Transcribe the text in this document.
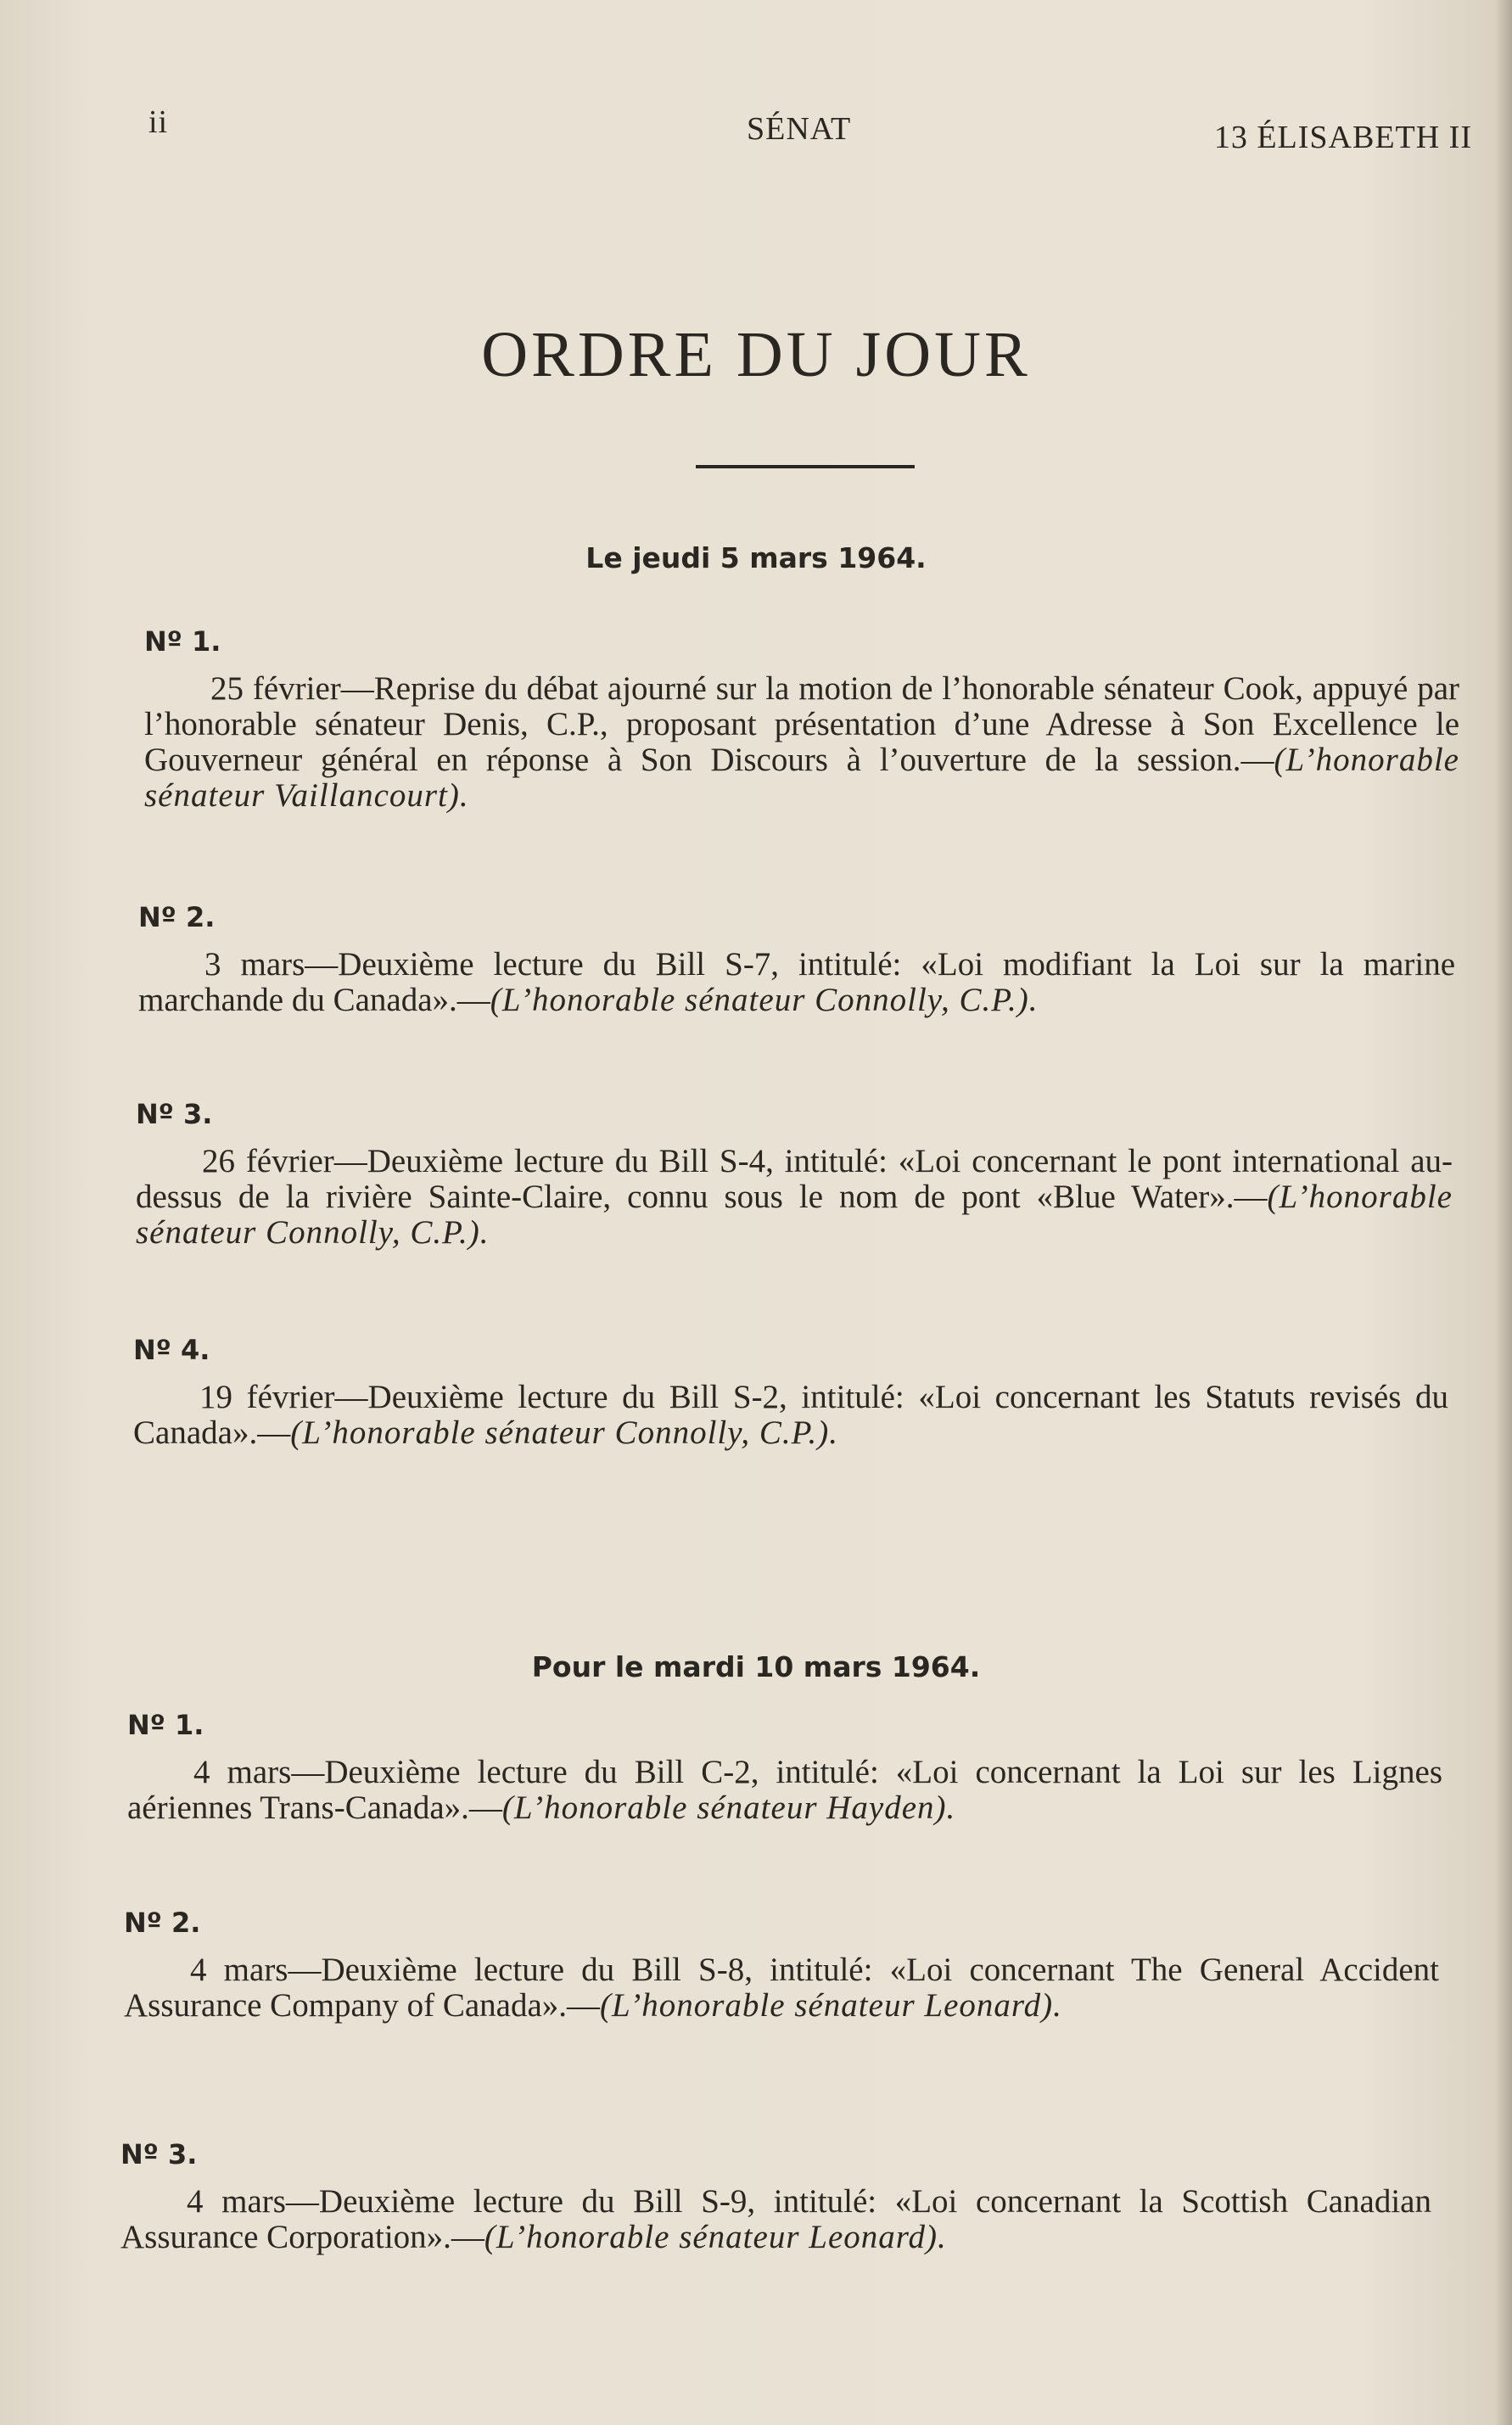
ii	SÉNAT	13 ÉLISABETH II
ORDRE DU JOUR
Le jeudi 5 mars 1964.
Nº 1.
25 février—Reprise du débat ajourné sur la motion de l’honorable sénateur Cook, appuyé par l’honorable sénateur Denis, C.P., proposant présentation d’une Adresse à Son Excellence le Gouverneur général en réponse à Son Discours à l’ouverture de la session.—(L’honorable sénateur Vaillancourt).
Nº 2.
3 mars—Deuxième lecture du Bill S-7, intitulé: «Loi modifiant la Loi sur la marine marchande du Canada».—(L’honorable sénateur Connolly, C.P.).
Nº 3.
26 février—Deuxième lecture du Bill S-4, intitulé: «Loi concernant le pont international au-dessus de la rivière Sainte-Claire, connu sous le nom de pont «Blue Water».—(L’honorable sénateur Connolly, C.P.).
Nº 4.
19 février—Deuxième lecture du Bill S-2, intitulé: «Loi concernant les Statuts revisés du Canada».—(L’honorable sénateur Connolly, C.P.).
Pour le mardi 10 mars 1964.
Nº 1.
4 mars—Deuxième lecture du Bill C-2, intitulé: «Loi concernant la Loi sur les Lignes aériennes Trans-Canada».—(L’honorable sénateur Hayden).
Nº 2.
4 mars—Deuxième lecture du Bill S-8, intitulé: «Loi concernant The General Accident Assurance Company of Canada».—(L’honorable sénateur Leonard).
Nº 3.
4 mars—Deuxième lecture du Bill S-9, intitulé: «Loi concernant la Scottish Canadian Assurance Corporation».—(L’honorable sénateur Leonard).
